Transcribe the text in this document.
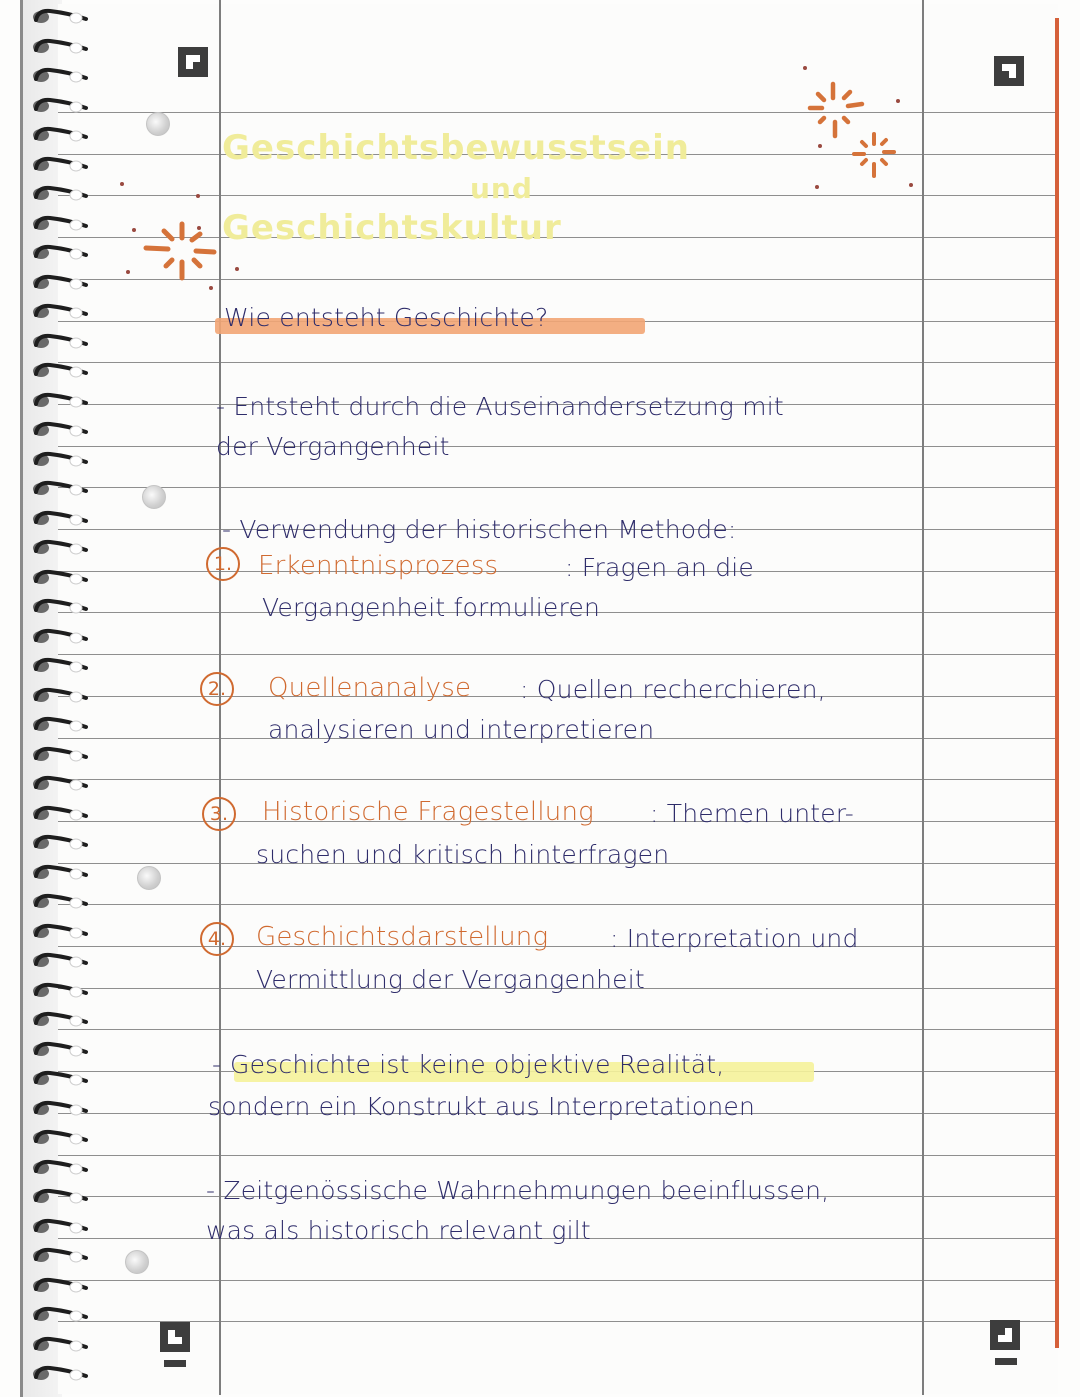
Geschichtsbewusstsein
und
Geschichtskultur
Wie entsteht Geschichte?
- Entsteht durch die Auseinandersetzung mit
der Vergangenheit
- Verwendung der historischen Methode:
1. Erkenntnisprozess	: Fragen an die
Vergangenheit formulieren
2.	Quellenanalyse : Quellen recherchieren,
analysieren und interpretieren
3.	Historische Fragestellung : Themen unter-
suchen und kritisch hinterfragen
4.	Geschichtsdarstellung : Interpretation und
Vermittlung der Vergangenheit
- Geschichte ist keine objektive Realität,
sondern ein Konstrukt aus Interpretationen
- Zeitgenössische Wahrnehmungen beeinflussen,
was als historisch relevant gilt
